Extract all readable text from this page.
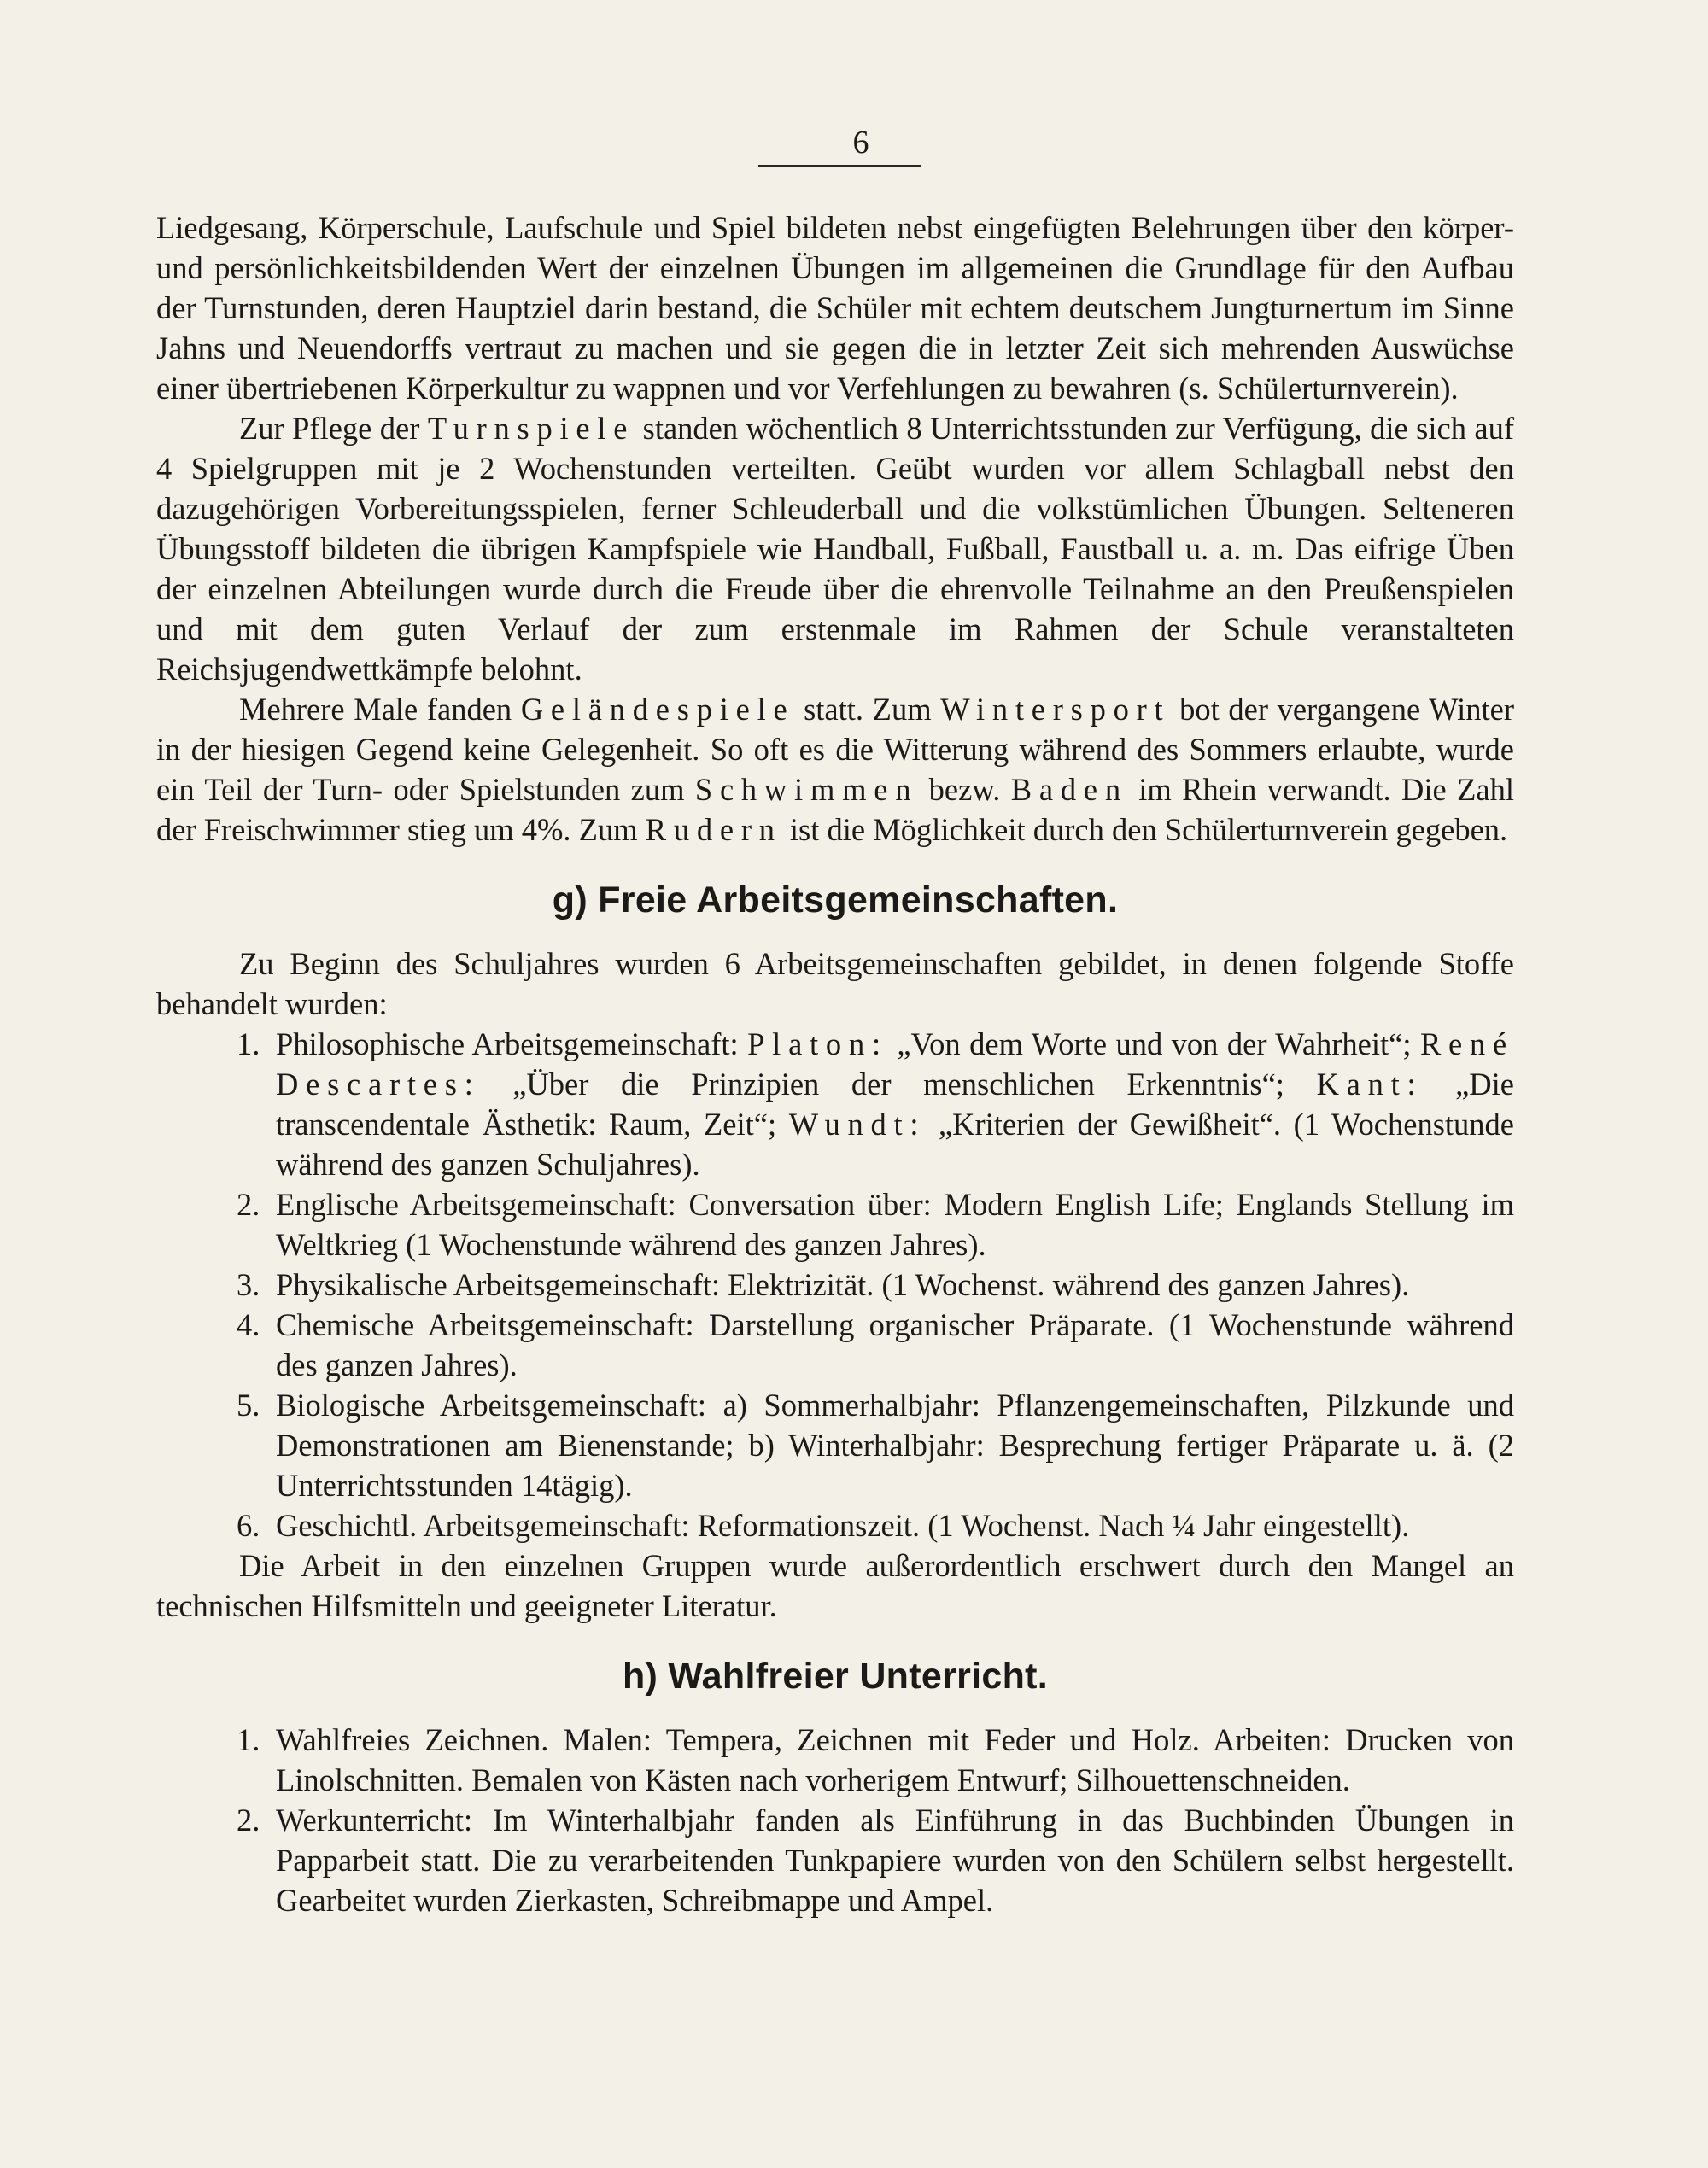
6

Liedgesang, Körperschule, Laufschule und Spiel bildeten nebst eingefügten Belehrungen über den körper- und persönlichkeitsbildenden Wert der einzelnen Übungen im allgemeinen die Grundlage für den Aufbau der Turnstunden, deren Hauptziel darin bestand, die Schüler mit echtem deutschem Jungturnertum im Sinne Jahns und Neuendorffs vertraut zu machen und sie gegen die in letzter Zeit sich mehrenden Auswüchse einer übertriebenen Körperkultur zu wappnen und vor Verfehlungen zu bewahren (s. Schülerturnverein).

Zur Pflege der Turnspiele standen wöchentlich 8 Unterrichtsstunden zur Verfügung, die sich auf 4 Spielgruppen mit je 2 Wochenstunden verteilten. Geübt wurden vor allem Schlagball nebst den dazugehörigen Vorbereitungsspielen, ferner Schleuderball und die volkstümlichen Übungen. Selteneren Übungsstoff bildeten die übrigen Kampfspiele wie Handball, Fußball, Faustball u. a. m. Das eifrige Üben der einzelnen Abteilungen wurde durch die Freude über die ehrenvolle Teilnahme an den Preußenspielen und mit dem guten Verlauf der zum erstenmale im Rahmen der Schule veranstalteten Reichsjugendwettkämpfe belohnt.

Mehrere Male fanden Geländespiele statt. Zum Wintersport bot der vergangene Winter in der hiesigen Gegend keine Gelegenheit. So oft es die Witterung während des Sommers erlaubte, wurde ein Teil der Turn- oder Spielstunden zum Schwimmen bezw. Baden im Rhein verwandt. Die Zahl der Freischwimmer stieg um 4%. Zum Rudern ist die Möglichkeit durch den Schülerturnverein gegeben.

g) Freie Arbeitsgemeinschaften.

Zu Beginn des Schuljahres wurden 6 Arbeitsgemeinschaften gebildet, in denen folgende Stoffe behandelt wurden:

1. Philosophische Arbeitsgemeinschaft: Platon: „Von dem Worte und von der Wahrheit“; René Descartes: „Über die Prinzipien der menschlichen Erkenntnis“; Kant: „Die transcendentale Ästhetik: Raum, Zeit“; Wundt: „Kriterien der Gewißheit“. (1 Wochenstunde während des ganzen Schuljahres).
2. Englische Arbeitsgemeinschaft: Conversation über: Modern English Life; Englands Stellung im Weltkrieg (1 Wochenstunde während des ganzen Jahres).
3. Physikalische Arbeitsgemeinschaft: Elektrizität. (1 Wochenst. während des ganzen Jahres).
4. Chemische Arbeitsgemeinschaft: Darstellung organischer Präparate. (1 Wochenstunde während des ganzen Jahres).
5. Biologische Arbeitsgemeinschaft: a) Sommerhalbjahr: Pflanzengemeinschaften, Pilzkunde und Demonstrationen am Bienenstande; b) Winterhalbjahr: Besprechung fertiger Präparate u. ä. (2 Unterrichtsstunden 14tägig).
6. Geschichtl. Arbeitsgemeinschaft: Reformationszeit. (1 Wochenst. Nach ¼ Jahr eingestellt).

Die Arbeit in den einzelnen Gruppen wurde außerordentlich erschwert durch den Mangel an technischen Hilfsmitteln und geeigneter Literatur.

h) Wahlfreier Unterricht.
1. Wahlfreies Zeichnen. Malen: Tempera, Zeichnen mit Feder und Holz. Arbeiten: Drucken von Linolschnitten. Bemalen von Kästen nach vorherigem Entwurf; Silhouettenschneiden.
2. Werkunterricht: Im Winterhalbjahr fanden als Einführung in das Buchbinden Übungen in Papparbeit statt. Die zu verarbeitenden Tunkpapiere wurden von den Schülern selbst hergestellt. Gearbeitet wurden Zierkasten, Schreibmappe und Ampel.
